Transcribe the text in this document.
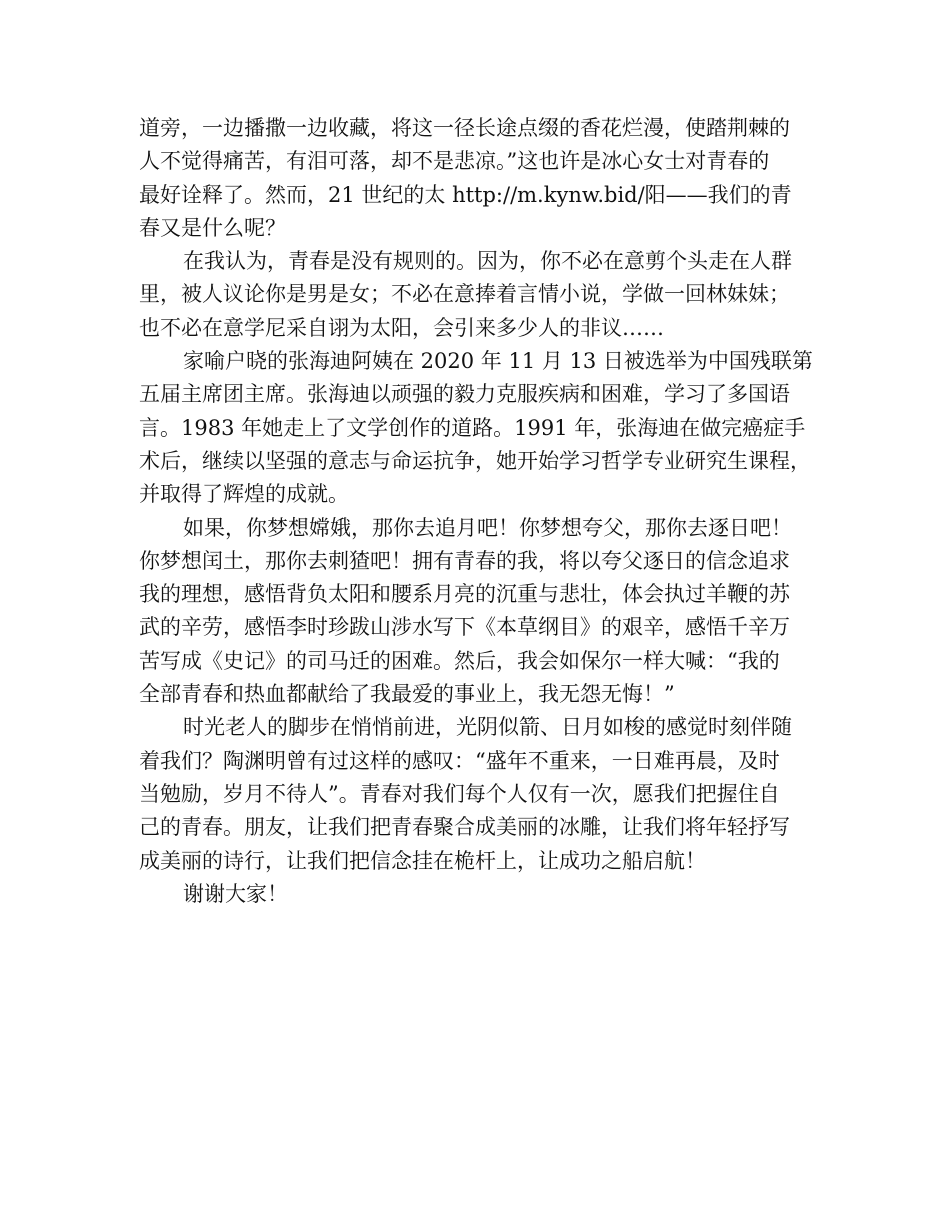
道旁，一边播撒一边收藏，将这一径长途点缀的香花烂漫，使踏荆棘的
人不觉得痛苦，有泪可落，却不是悲凉。”这也许是冰心女士对青春的
最好诠释了。然而，21 世纪的太 http://m.kynw.bid/阳——我们的青
春又是什么呢？
在我认为，青春是没有规则的。因为，你不必在意剪个头走在人群
里，被人议论你是男是女；不必在意捧着言情小说，学做一回林妹妹；
也不必在意学尼采自诩为太阳，会引来多少人的非议……
家喻户晓的张海迪阿姨在 2020 年 11 月 13 日被选举为中国残联第
五届主席团主席。张海迪以顽强的毅力克服疾病和困难，学习了多国语
言。1983 年她走上了文学创作的道路。1991 年，张海迪在做完癌症手
术后，继续以坚强的意志与命运抗争，她开始学习哲学专业研究生课程，
并取得了辉煌的成就。
如果，你梦想嫦娥，那你去追月吧！你梦想夸父，那你去逐日吧！
你梦想闰土，那你去刺猹吧！拥有青春的我，将以夸父逐日的信念追求
我的理想，感悟背负太阳和腰系月亮的沉重与悲壮，体会执过羊鞭的苏
武的辛劳，感悟李时珍跋山涉水写下《本草纲目》的艰辛，感悟千辛万
苦写成《史记》的司马迁的困难。然后，我会如保尔一样大喊：“我的
全部青春和热血都献给了我最爱的事业上，我无怨无悔！”
时光老人的脚步在悄悄前进，光阴似箭、日月如梭的感觉时刻伴随
着我们？陶渊明曾有过这样的感叹：“盛年不重来，一日难再晨，及时
当勉励，岁月不待人”。青春对我们每个人仅有一次，愿我们把握住自
己的青春。朋友，让我们把青春聚合成美丽的冰雕，让我们将年轻抒写
成美丽的诗行，让我们把信念挂在桅杆上，让成功之船启航！
谢谢大家！
